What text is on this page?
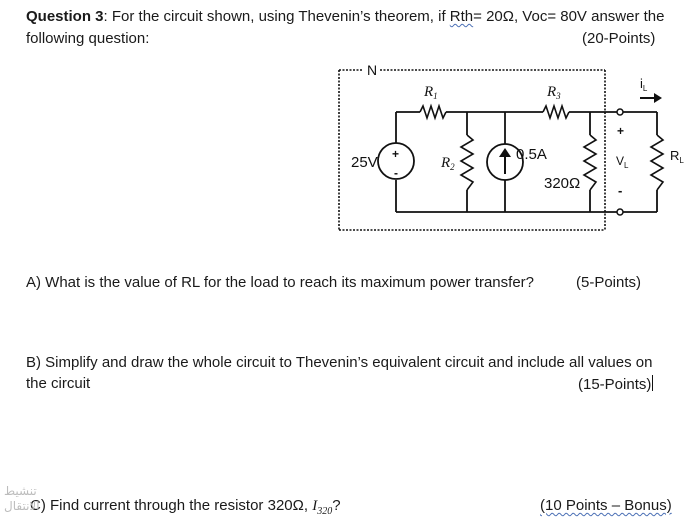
Question 3: For the circuit shown, using Thevenin’s theorem, if Rth= 20Ω, Voc= 80V answer the
following question:	(20-Points)
N
$R_1$	$R_3$
$R_2$
25V +
-
0.5A
320Ω
+
$V_L$
-
$i_L$
$R_L$
A) What is the value of RL for the load to reach its maximum power transfer?	(5-Points)
B) Simplify and draw the whole circuit to Thevenin’s equivalent circuit and include all values on
the circuit	(15-Points)
C) Find current through the resistor 320Ω, $I_{320}$?	(10 Points – Bonus)
تنشيط
الانتقال
